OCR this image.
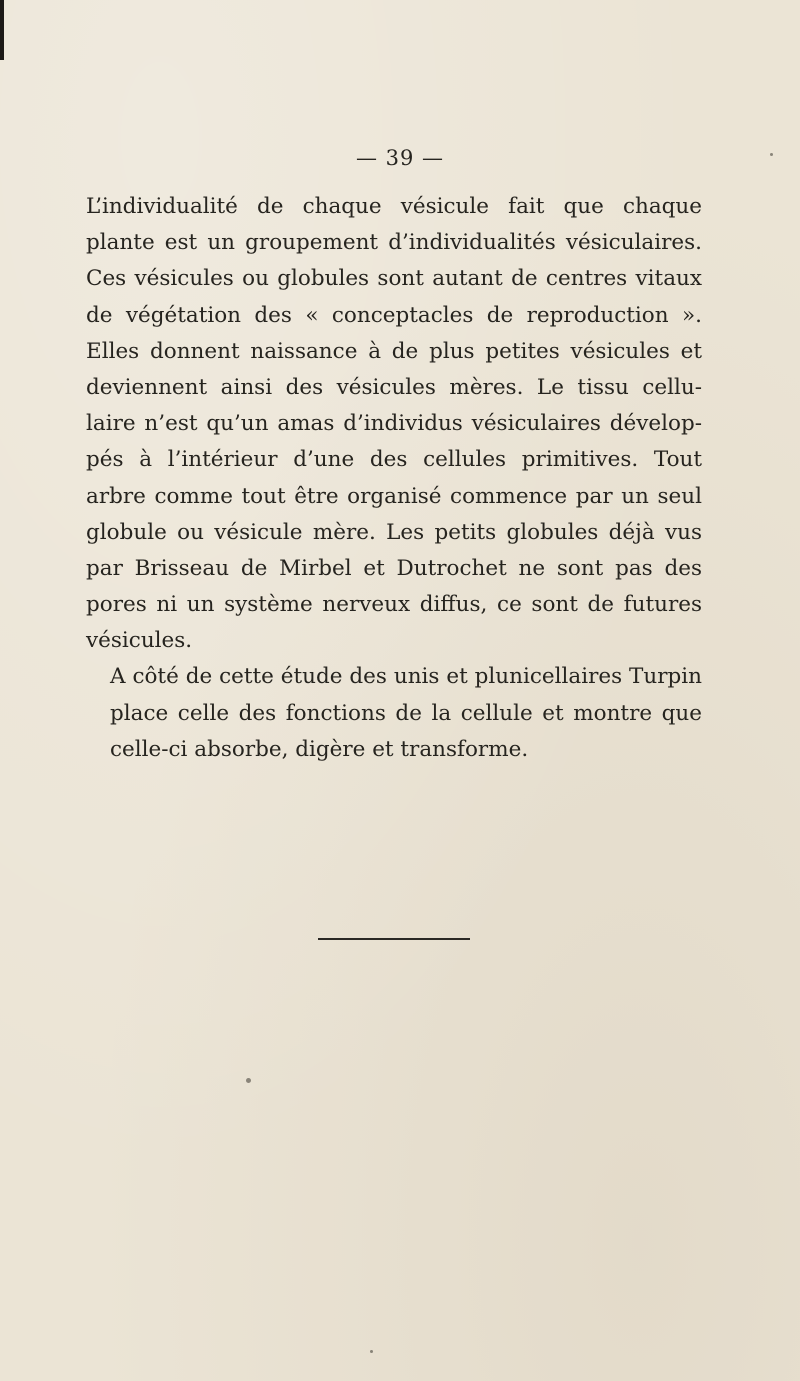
— 39 —

L’individualité de chaque vésicule fait que chaque
plante est un groupement d’individualités vésiculaires.
Ces vésicules ou globules sont autant de centres vitaux
de végétation des « conceptacles de reproduction ».
Elles donnent naissance à de plus petites vésicules et
deviennent ainsi des vésicules mères. Le tissu cellu-
laire n’est qu’un amas d’individus vésiculaires dévelop-
pés à l’intérieur d’une des cellules primitives. Tout
arbre comme tout être organisé commence par un seul
globule ou vésicule mère. Les petits globules déjà vus
par Brisseau de Mirbel et Dutrochet ne sont pas des
pores ni un système nerveux diffus, ce sont de futures
vésicules.

A côté de cette étude des unis et plunicellaires Turpin
place celle des fonctions de la cellule et montre que
celle-ci absorbe, digère et transforme.
